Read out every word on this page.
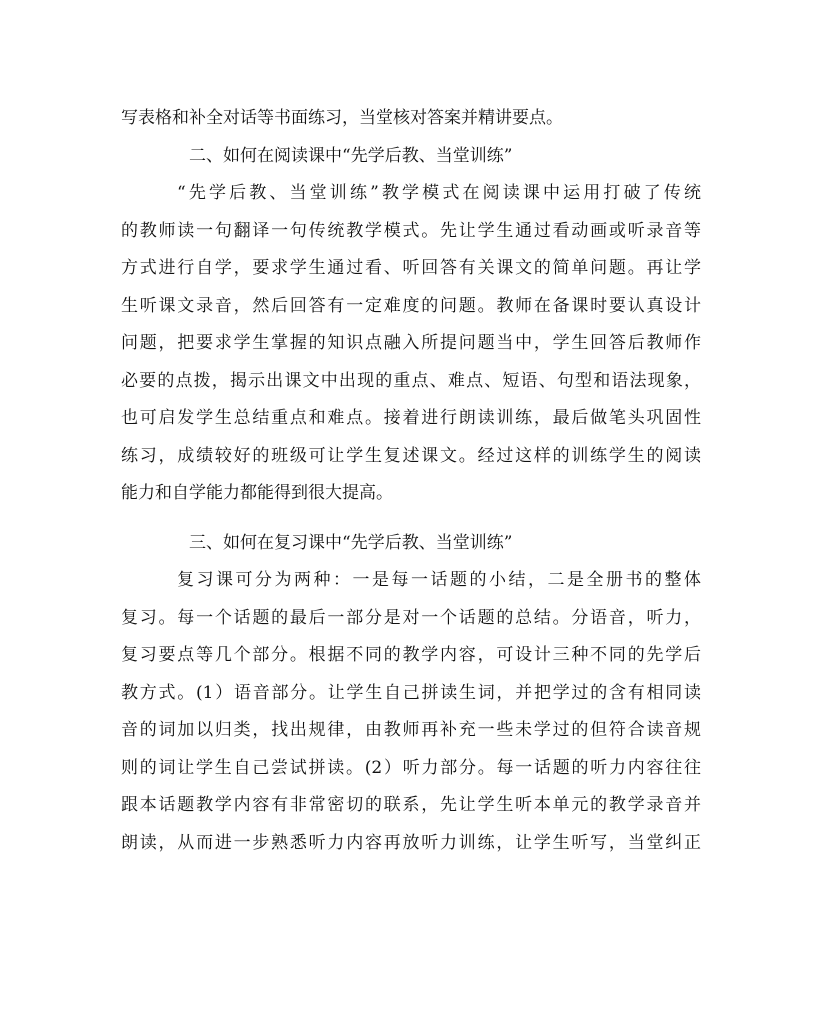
写表格和补全对话等书面练习，当堂核对答案并精讲要点。
二、如何在阅读课中“先学后教、当堂训练”
“先学后教、当堂训练”教学模式在阅读课中运用打破了传统
的教师读一句翻译一句传统教学模式。先让学生通过看动画或听录音等
方式进行自学，要求学生通过看、听回答有关课文的简单问题。再让学
生听课文录音，然后回答有一定难度的问题。教师在备课时要认真设计
问题，把要求学生掌握的知识点融入所提问题当中，学生回答后教师作
必要的点拨，揭示出课文中出现的重点、难点、短语、句型和语法现象，
也可启发学生总结重点和难点。接着进行朗读训练，最后做笔头巩固性
练习，成绩较好的班级可让学生复述课文。经过这样的训练学生的阅读
能力和自学能力都能得到很大提高。
三、如何在复习课中“先学后教、当堂训练”
复习课可分为两种：一是每一话题的小结，二是全册书的整体
复习。每一个话题的最后一部分是对一个话题的总结。分语音，听力，
复习要点等几个部分。根据不同的教学内容，可设计三种不同的先学后
教方式。(1）语音部分。让学生自己拼读生词，并把学过的含有相同读
音的词加以归类，找出规律，由教师再补充一些未学过的但符合读音规
则的词让学生自己尝试拼读。(2）听力部分。每一话题的听力内容往往
跟本话题教学内容有非常密切的联系，先让学生听本单元的教学录音并
朗读，从而进一步熟悉听力内容再放听力训练，让学生听写，当堂纠正
